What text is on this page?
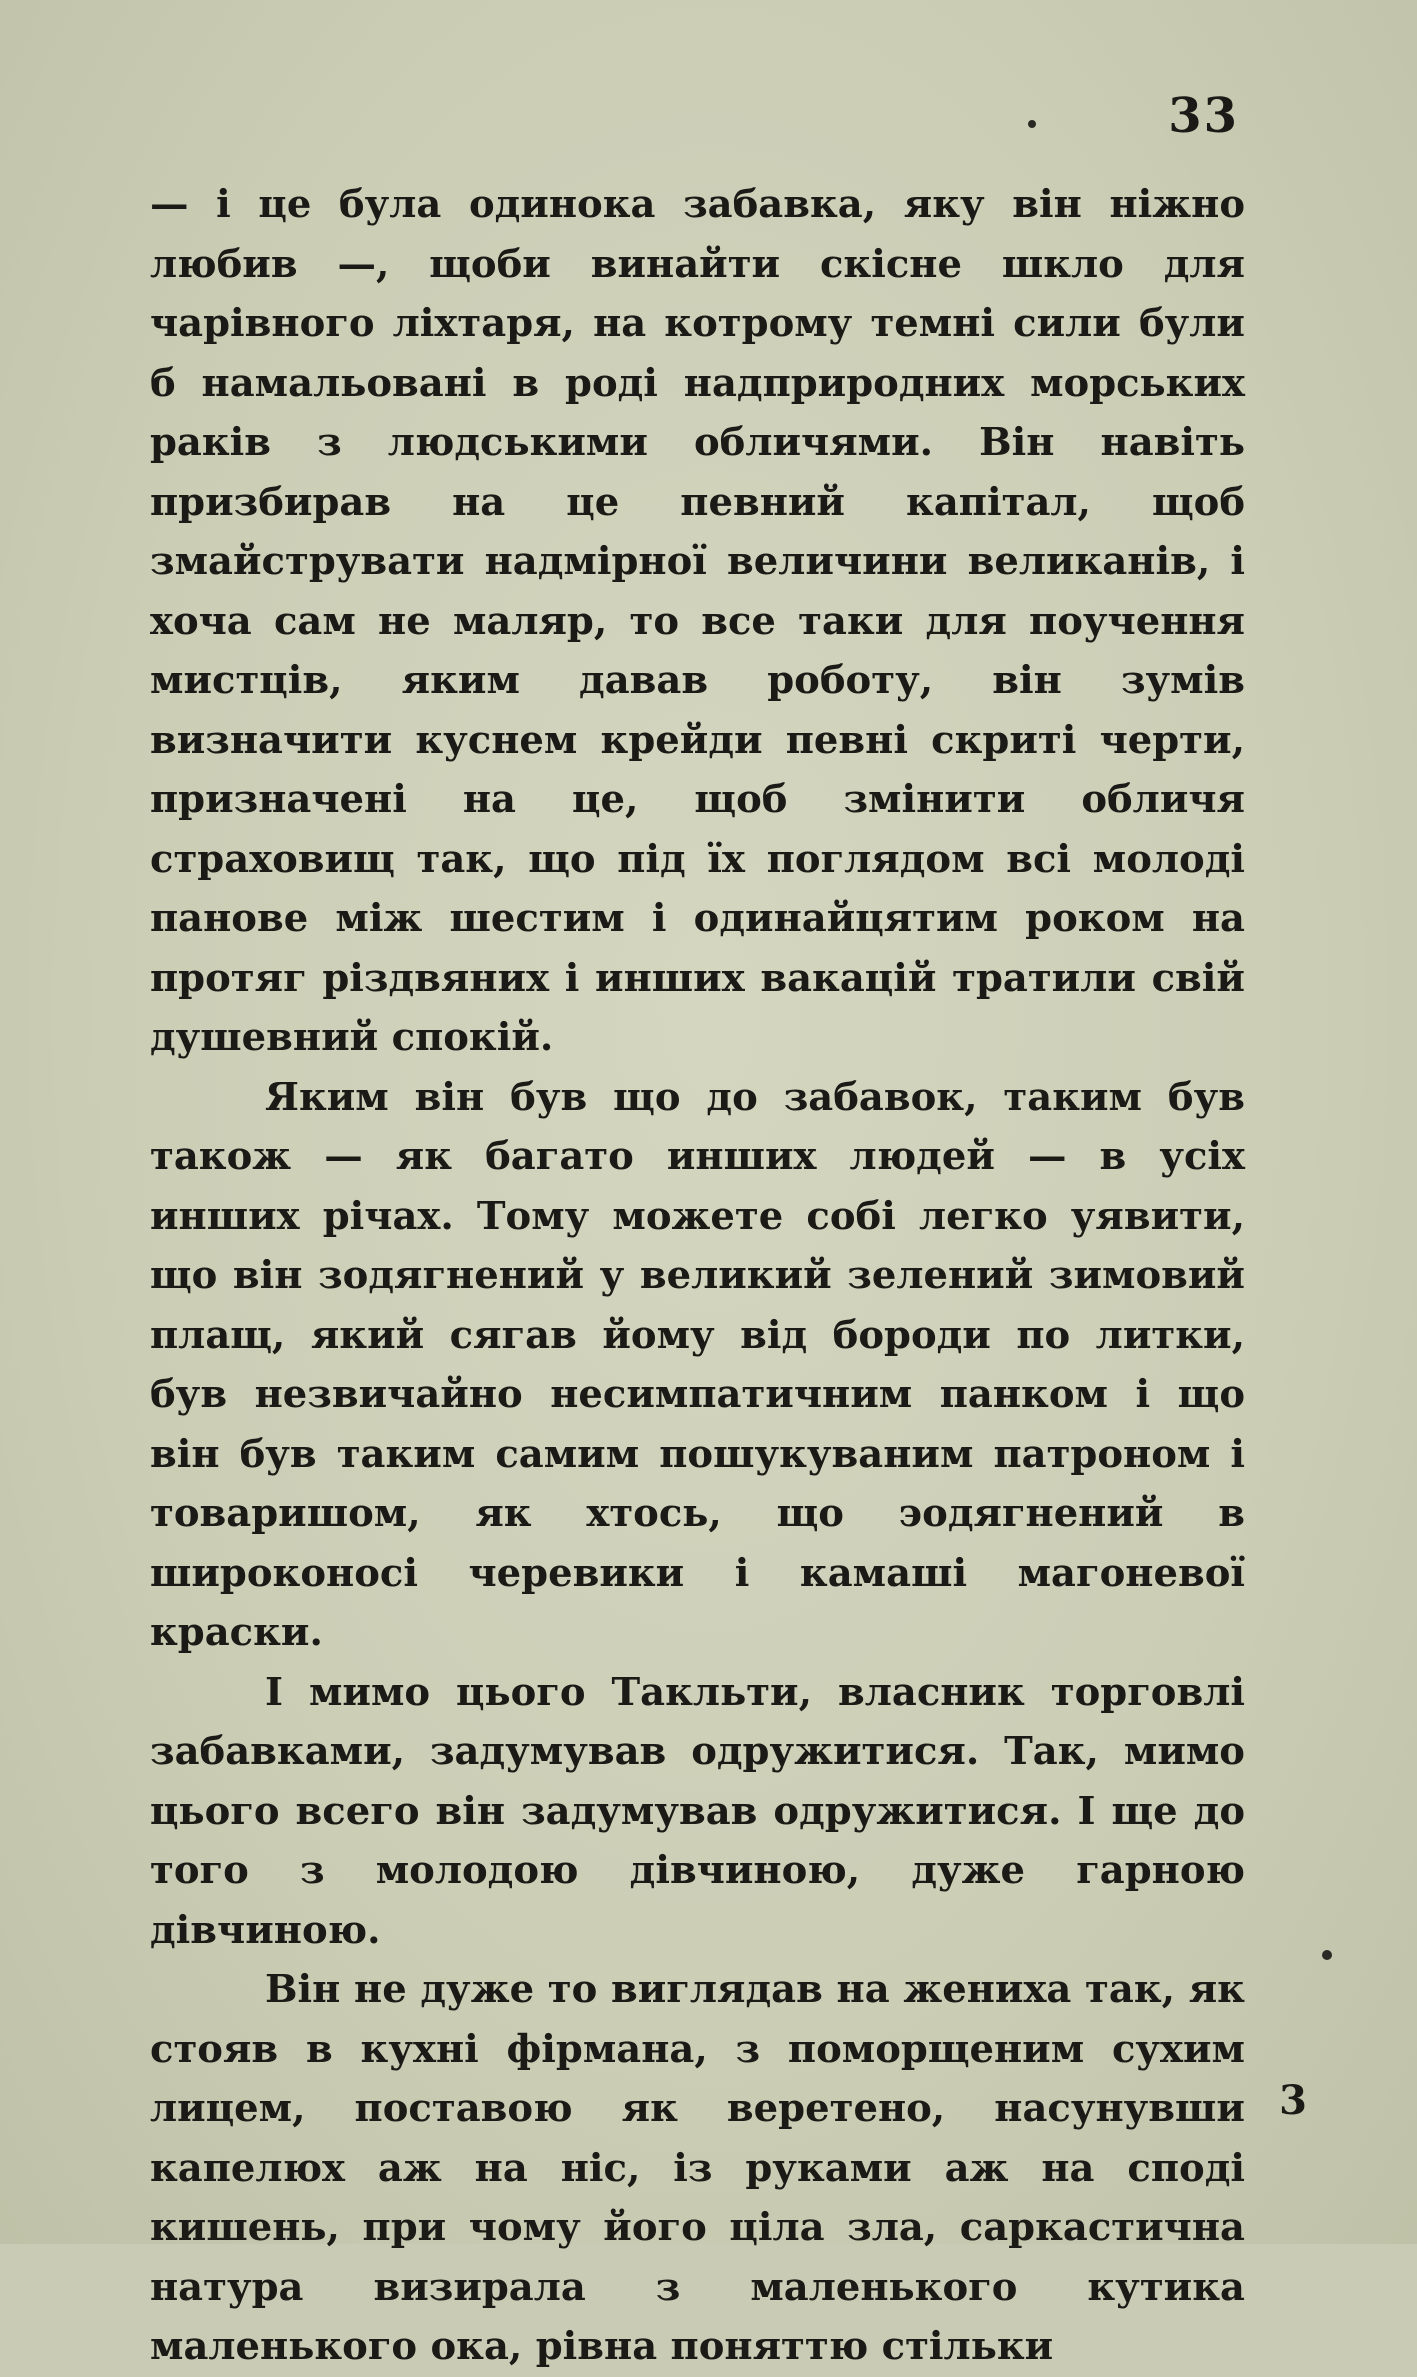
33

— і це була одинока забавка, яку він ніжно любив —, щоби винайти скісне шкло для чарівного ліхтаря, на котрому темні сили були б намальовані в роді надприродних морських раків з людськими обличями. Він навіть призбирав на це певний капітал, щоб змайструвати надмірної величини великанів, і хоча сам не маляр, то все таки для поучення мистців, яким давав роботу, він зумів визначити куснем крейди певні скриті черти, призначені на це, щоб змінити обличя страховищ так, що під їх поглядом всі молоді панове між шестим і одинайцятим роком на протяг різдвяних і инших вакацій тратили свій душевний спокій.

Яким він був що до забавок, таким був також — як багато инших людей — в усіх инших річах. Тому можете собі легко уявити, що він зодягнений у великий зелений зимовий плащ, який сягав йому від бороди по литки, був незвичайно несимпатичним панком і що він був таким самим пошукуваним патроном і товаришом, як хтось, що эодягнений в широконосі черевики і камаші магоневої краски.

І мимо цього Такльти, власник торговлі забавками, задумував одружитися. Так, мимо цього всего він задумував одружитися. І ще до того з молодою дівчиною, дуже гарною дівчиною.

Він не дуже то виглядав на жениха так, як стояв в кухні фірмана, з поморщеним сухим лицем, поставою як веретено, насунувши капелюх аж на ніс, із руками аж на споді кишень, при чому його ціла зла, саркастична натура визирала з маленького кутика маленького ока, рівна поняттю стільки

3
